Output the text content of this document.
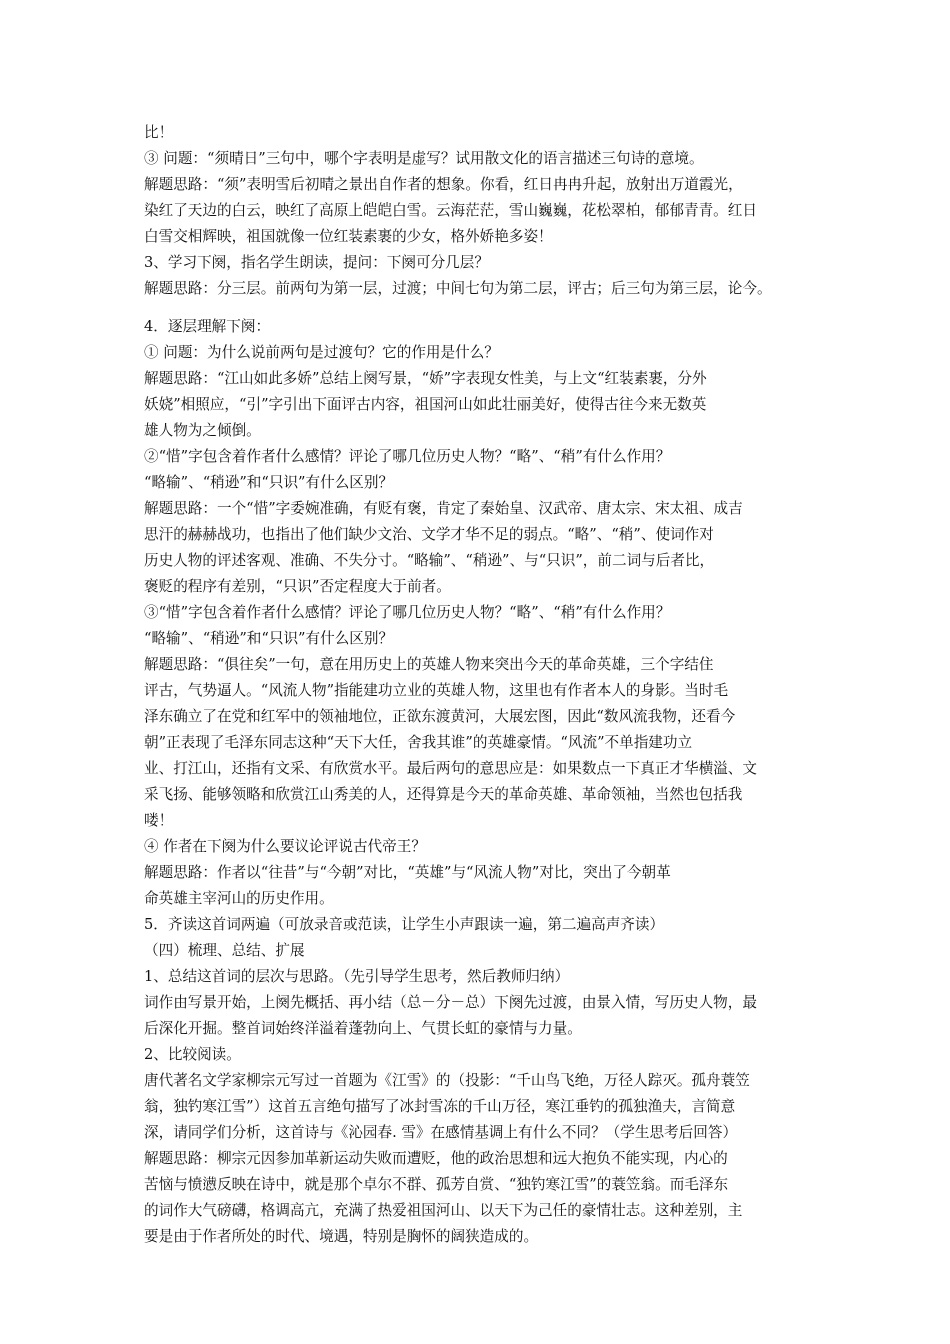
比！
③ 问题：“须晴日”三句中，哪个字表明是虚写？试用散文化的语言描述三句诗的意境。
解题思路：“须”表明雪后初晴之景出自作者的想象。你看，红日冉冉升起，放射出万道霞光，
染红了天边的白云，映红了高原上皑皑白雪。云海茫茫，雪山巍巍，花松翠柏，郁郁青青。红日
白雪交相辉映，祖国就像一位红装素裹的少女，格外娇艳多姿！
3、学习下阕，指名学生朗读，提问：下阕可分几层？
解题思路：分三层。前两句为第一层，过渡；中间七句为第二层，评古；后三句为第三层，论今。
4．逐层理解下阕：
① 问题：为什么说前两句是过渡句？它的作用是什么？
解题思路：“江山如此多娇”总结上阕写景，“娇”字表现女性美，与上文“红装素裹，分外
妖娆”相照应，“引”字引出下面评古内容，祖国河山如此壮丽美好，使得古往今来无数英
雄人物为之倾倒。
②“惜”字包含着作者什么感情？评论了哪几位历史人物？“略”、“稍”有什么作用？
“略输”、“稍逊”和“只识”有什么区别？
解题思路：一个“惜”字委婉准确，有贬有褒，肯定了秦始皇、汉武帝、唐太宗、宋太祖、成吉
思汗的赫赫战功，也指出了他们缺少文治、文学才华不足的弱点。“略”、“稍”、使词作对
历史人物的评述客观、准确、不失分寸。“略输”、“稍逊”、与“只识”，前二词与后者比，
褒贬的程序有差别，“只识”否定程度大于前者。
③“惜”字包含着作者什么感情？评论了哪几位历史人物？“略”、“稍”有什么作用？
“略输”、“稍逊”和“只识”有什么区别？
解题思路：“俱往矣”一句，意在用历史上的英雄人物来突出今天的革命英雄，三个字结住
评古，气势逼人。“风流人物”指能建功立业的英雄人物，这里也有作者本人的身影。当时毛
泽东确立了在党和红军中的领袖地位，正欲东渡黄河，大展宏图，因此“数风流我物，还看今
朝”正表现了毛泽东同志这种“天下大任，舍我其谁”的英雄豪情。“风流”不单指建功立
业、打江山，还指有文采、有欣赏水平。最后两句的意思应是：如果数点一下真正才华横溢、文
采飞扬、能够领略和欣赏江山秀美的人，还得算是今天的革命英雄、革命领袖，当然也包括我
喽！
④ 作者在下阕为什么要议论评说古代帝王？
解题思路：作者以“往昔”与“今朝”对比，“英雄”与“风流人物”对比，突出了今朝革
命英雄主宰河山的历史作用。
5．齐读这首词两遍（可放录音或范读，让学生小声跟读一遍，第二遍高声齐读）
（四）梳理、总结、扩展
1、总结这首词的层次与思路。（先引导学生思考，然后教师归纳）
词作由写景开始，上阕先概括、再小结（总－分－总）下阕先过渡，由景入情，写历史人物，最
后深化开掘。整首词始终洋溢着蓬勃向上、气贯长虹的豪情与力量。
2、比较阅读。
唐代著名文学家柳宗元写过一首题为《江雪》的（投影：“千山鸟飞绝，万径人踪灭。孤舟蓑笠
翁，独钓寒江雪”）这首五言绝句描写了冰封雪冻的千山万径，寒江垂钓的孤独渔夫，言简意
深，请同学们分析，这首诗与《沁园春. 雪》在感情基调上有什么不同？（学生思考后回答）
解题思路：柳宗元因参加革新运动失败而遭贬，他的政治思想和远大抱负不能实现，内心的
苦恼与愤懑反映在诗中，就是那个卓尔不群、孤芳自赏、“独钓寒江雪”的蓑笠翁。而毛泽东
的词作大气磅礴，格调高亢，充满了热爱祖国河山、以天下为己任的豪情壮志。这种差别，主
要是由于作者所处的时代、境遇，特别是胸怀的阔狭造成的。
